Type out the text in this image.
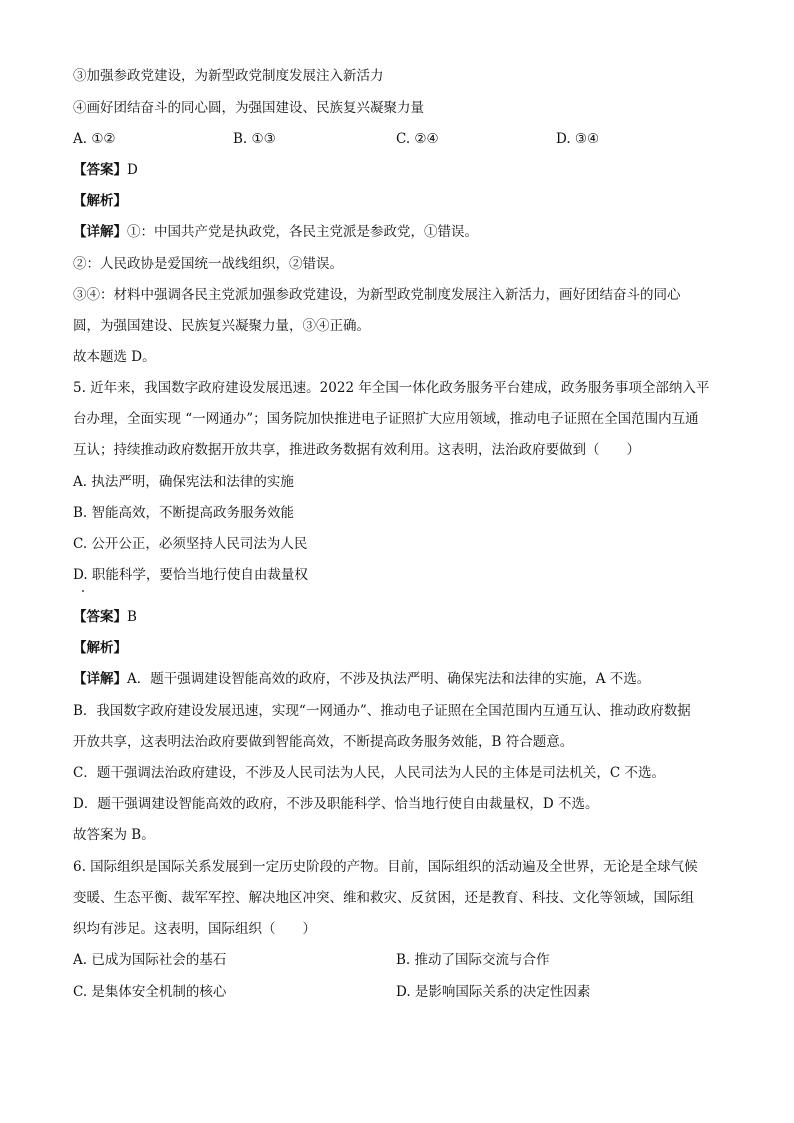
③加强参政党建设，为新型政党制度发展注入新活力
④画好团结奋斗的同心圆，为强国建设、民族复兴凝聚力量
A. ①②	B. ①③	C. ②④	D. ③④
【答案】D
【解析】
【详解】①：中国共产党是执政党，各民主党派是参政党，①错误。
②：人民政协是爱国统一战线组织，②错误。
③④：材料中强调各民主党派加强参政党建设，为新型政党制度发展注入新活力，画好团结奋斗的同心
圆，为强国建设、民族复兴凝聚力量，③④正确。
故本题选 D。
5. 近年来，我国数字政府建设发展迅速。2022 年全国一体化政务服务平台建成，政务服务事项全部纳入平
台办理，全面实现 “一网通办”；国务院加快推进电子证照扩大应用领域，推动电子证照在全国范围内互通
互认；持续推动政府数据开放共享，推进政务数据有效利用。这表明，法治政府要做到（　　）
A. 执法严明，确保宪法和法律的实施
B. 智能高效，不断提高政务服务效能
C. 公开公正，必须坚持人民司法为人民
D. 职能科学，要恰当地行使自由裁量权
【答案】B
【解析】
【详解】A．题干强调建设智能高效的政府，不涉及执法严明、确保宪法和法律的实施，A 不选。
B．我国数字政府建设发展迅速，实现“一网通办”、推动电子证照在全国范围内互通互认、推动政府数据
开放共享，这表明法治政府要做到智能高效，不断提高政务服务效能，B 符合题意。
C．题干强调法治政府建设，不涉及人民司法为人民，人民司法为人民的主体是司法机关，C 不选。
D．题干强调建设智能高效的政府，不涉及职能科学、恰当地行使自由裁量权，D 不选。
故答案为 B。
6. 国际组织是国际关系发展到一定历史阶段的产物。目前，国际组织的活动遍及全世界，无论是全球气候
变暖、生态平衡、裁军军控、解决地区冲突、维和救灾、反贫困，还是教育、科技、文化等领域，国际组
织均有涉足。这表明，国际组织（　　）
A. 已成为国际社会的基石	B. 推动了国际交流与合作
C. 是集体安全机制的核心	D. 是影响国际关系的决定性因素
